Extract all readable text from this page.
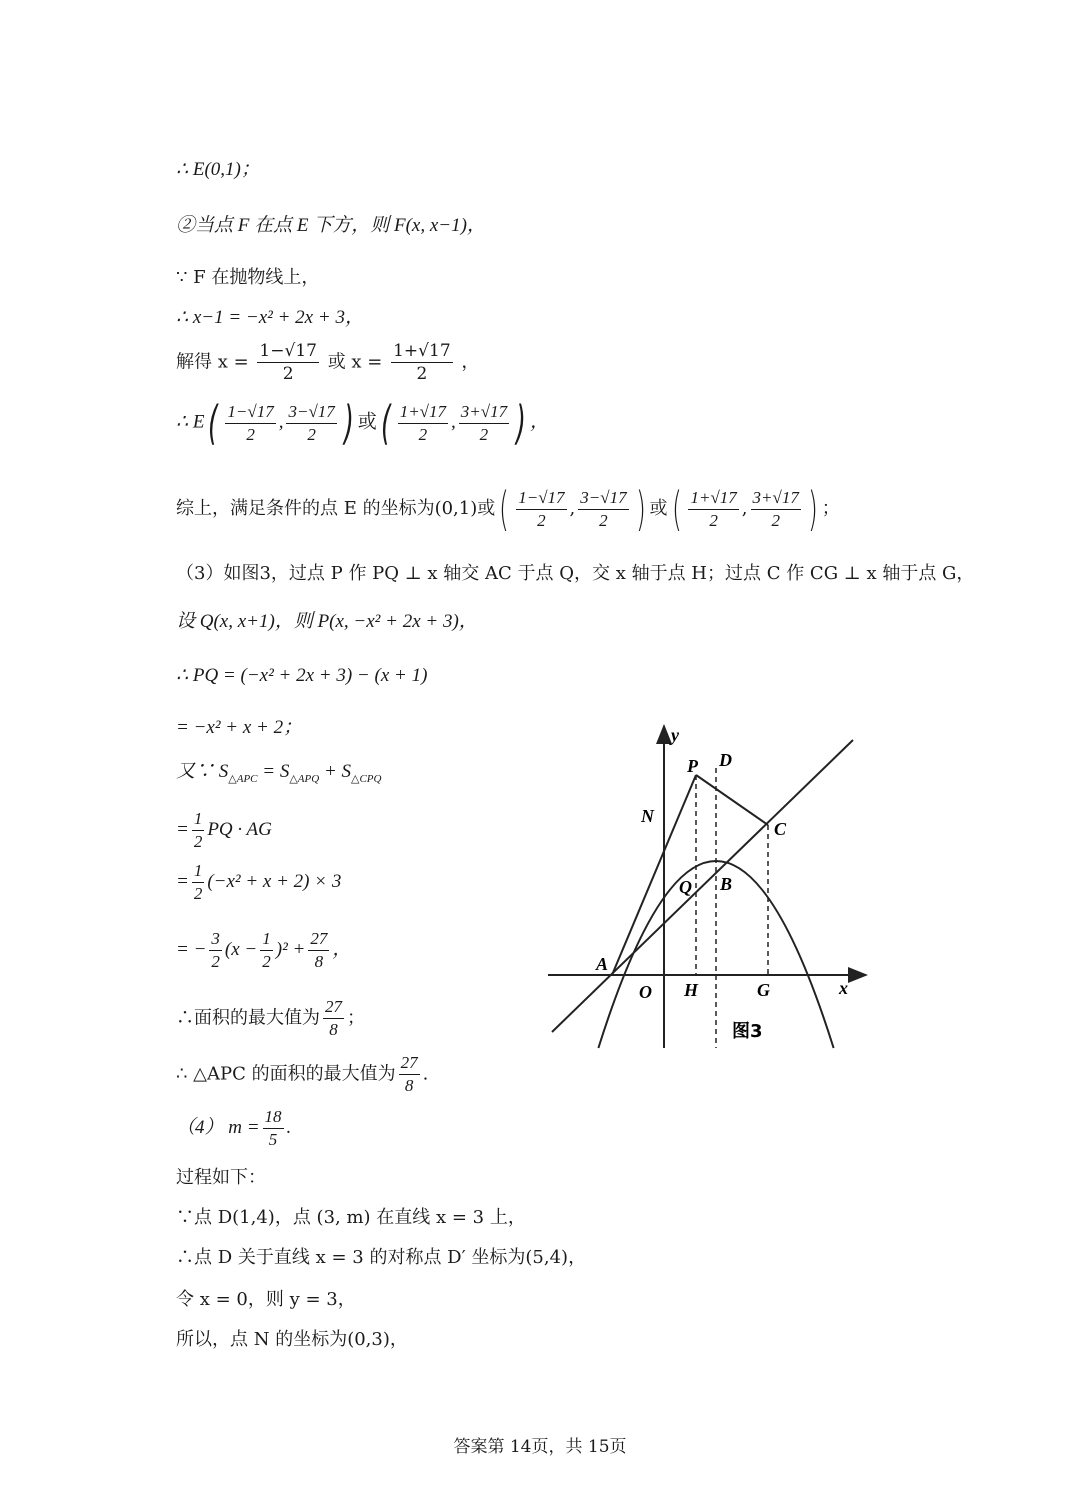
∴ E(0,1)；
②当点 F 在点 E 下方，则 F(x, x−1)，
∵ F 在抛物线上，
∴ x−1 = −x² + 2x + 3，
解得 $x = \frac{1-√17}{2}$ 或 $x = \frac{1+√17}{2}$ ，
∴ $E( \frac{1-√17}{2}$ , $\frac{3-√17}{2}$ ) 或( $\frac{1+√17}{2}$ , $\frac{3+√17}{2}$ ) ，
综上，满足条件的点 E 的坐标为(0,1)或( $\frac{1-√17}{2}$ , $\frac{3-√17}{2}$ ) 或( $\frac{1+√17}{2}$ , $\frac{3+√17}{2}$ ) ；
（3）如图3，过点 P 作 PQ ⊥ x 轴交 AC 于点 Q，交 x 轴于点 H；过点 C 作 CG ⊥ x 轴于点 G，
设 Q(x, x+1)，则 P(x, −x² + 2x + 3)，
∴ PQ = (−x² + 2x + 3) − (x + 1)
= −x² + x + 2；
又∵ $S_{\triangle APC} = S_{\triangle APQ} + S_{\triangle CPQ}$
= $\frac{1}{2}$ PQ · AG
= $\frac{1}{2} (-x^2 + x + 2) \times 3$
= − $\frac{3}{2} (x - \frac{1}{2} )^2 + \frac{27}{8}$ ，
∴面积的最大值为 $\frac{27}{8}$ ；
∴ △APC 的面积的最大值为 $\frac{27}{8}$ .
（4） $m = \frac{18}{5}$ .
过程如下：
∵点 D(1,4)，点 (3, m) 在直线 x = 3 上，
∴点 D 关于直线 x = 3 的对称点 D′ 坐标为(5,4)，
令 x = 0，则 y = 3，
所以，点 N 的坐标为(0,3)，
y
P D
N
C
Q B
A
O H	G	x
图3
答案第 14页，共 15页
